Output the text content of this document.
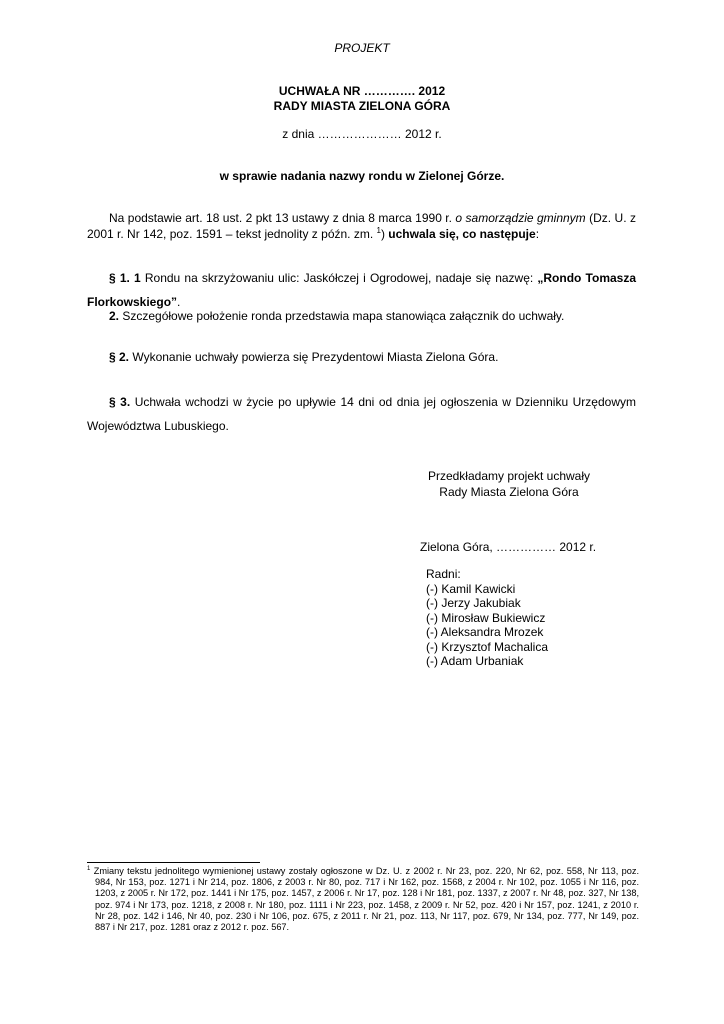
PROJEKT
UCHWAŁA NR …………. 2012
RADY MIASTA ZIELONA GÓRA
z dnia ………………… 2012 r.
w sprawie nadania nazwy rondu w Zielonej Górze.
Na podstawie art. 18 ust. 2 pkt 13 ustawy z dnia 8 marca 1990 r. o samorządzie gminnym (Dz. U. z 2001 r. Nr 142, poz. 1591 – tekst jednolity z późn. zm. $^1$) uchwala się, co następuje:
§ 1. 1 Rondu na skrzyżowaniu ulic: Jaskółczej i Ogrodowej, nadaje się nazwę: „Rondo Tomasza Florkowskiego”.
2. Szczegółowe położenie ronda przedstawia mapa stanowiąca załącznik do uchwały.
§ 2. Wykonanie uchwały powierza się Prezydentowi Miasta Zielona Góra.
§ 3. Uchwała wchodzi w życie po upływie 14 dni od dnia jej ogłoszenia w Dzienniku Urzędowym Województwa Lubuskiego.
Przedkładamy projekt uchwały
Rady Miasta Zielona Góra
Zielona Góra, …………… 2012 r.
Radni:
(-) Kamil Kawicki
(-) Jerzy Jakubiak
(-) Mirosław Bukiewicz
(-) Aleksandra Mrozek
(-) Krzysztof Machalica
(-) Adam Urbaniak
$^1$ Zmiany tekstu jednolitego wymienionej ustawy zostały ogłoszone w Dz. U. z 2002 r. Nr 23, poz. 220, Nr 62, poz. 558, Nr 113, poz. 984, Nr 153, poz. 1271 i Nr 214, poz. 1806, z 2003 r. Nr 80, poz. 717 i Nr 162, poz. 1568, z 2004 r. Nr 102, poz. 1055 i Nr 116, poz. 1203, z 2005 r. Nr 172, poz. 1441 i Nr 175, poz. 1457, z 2006 r. Nr 17, poz. 128 i Nr 181, poz. 1337, z 2007 r. Nr 48, poz. 327, Nr 138, poz. 974 i Nr 173, poz. 1218, z 2008 r. Nr 180, poz. 1111 i Nr 223, poz. 1458, z 2009 r. Nr 52, poz. 420 i Nr 157, poz. 1241, z 2010 r. Nr 28, poz. 142 i 146, Nr 40, poz. 230 i Nr 106, poz. 675, z 2011 r. Nr 21, poz. 113, Nr 117, poz. 679, Nr 134, poz. 777, Nr 149, poz. 887 i Nr 217, poz. 1281 oraz z 2012 r. poz. 567.
